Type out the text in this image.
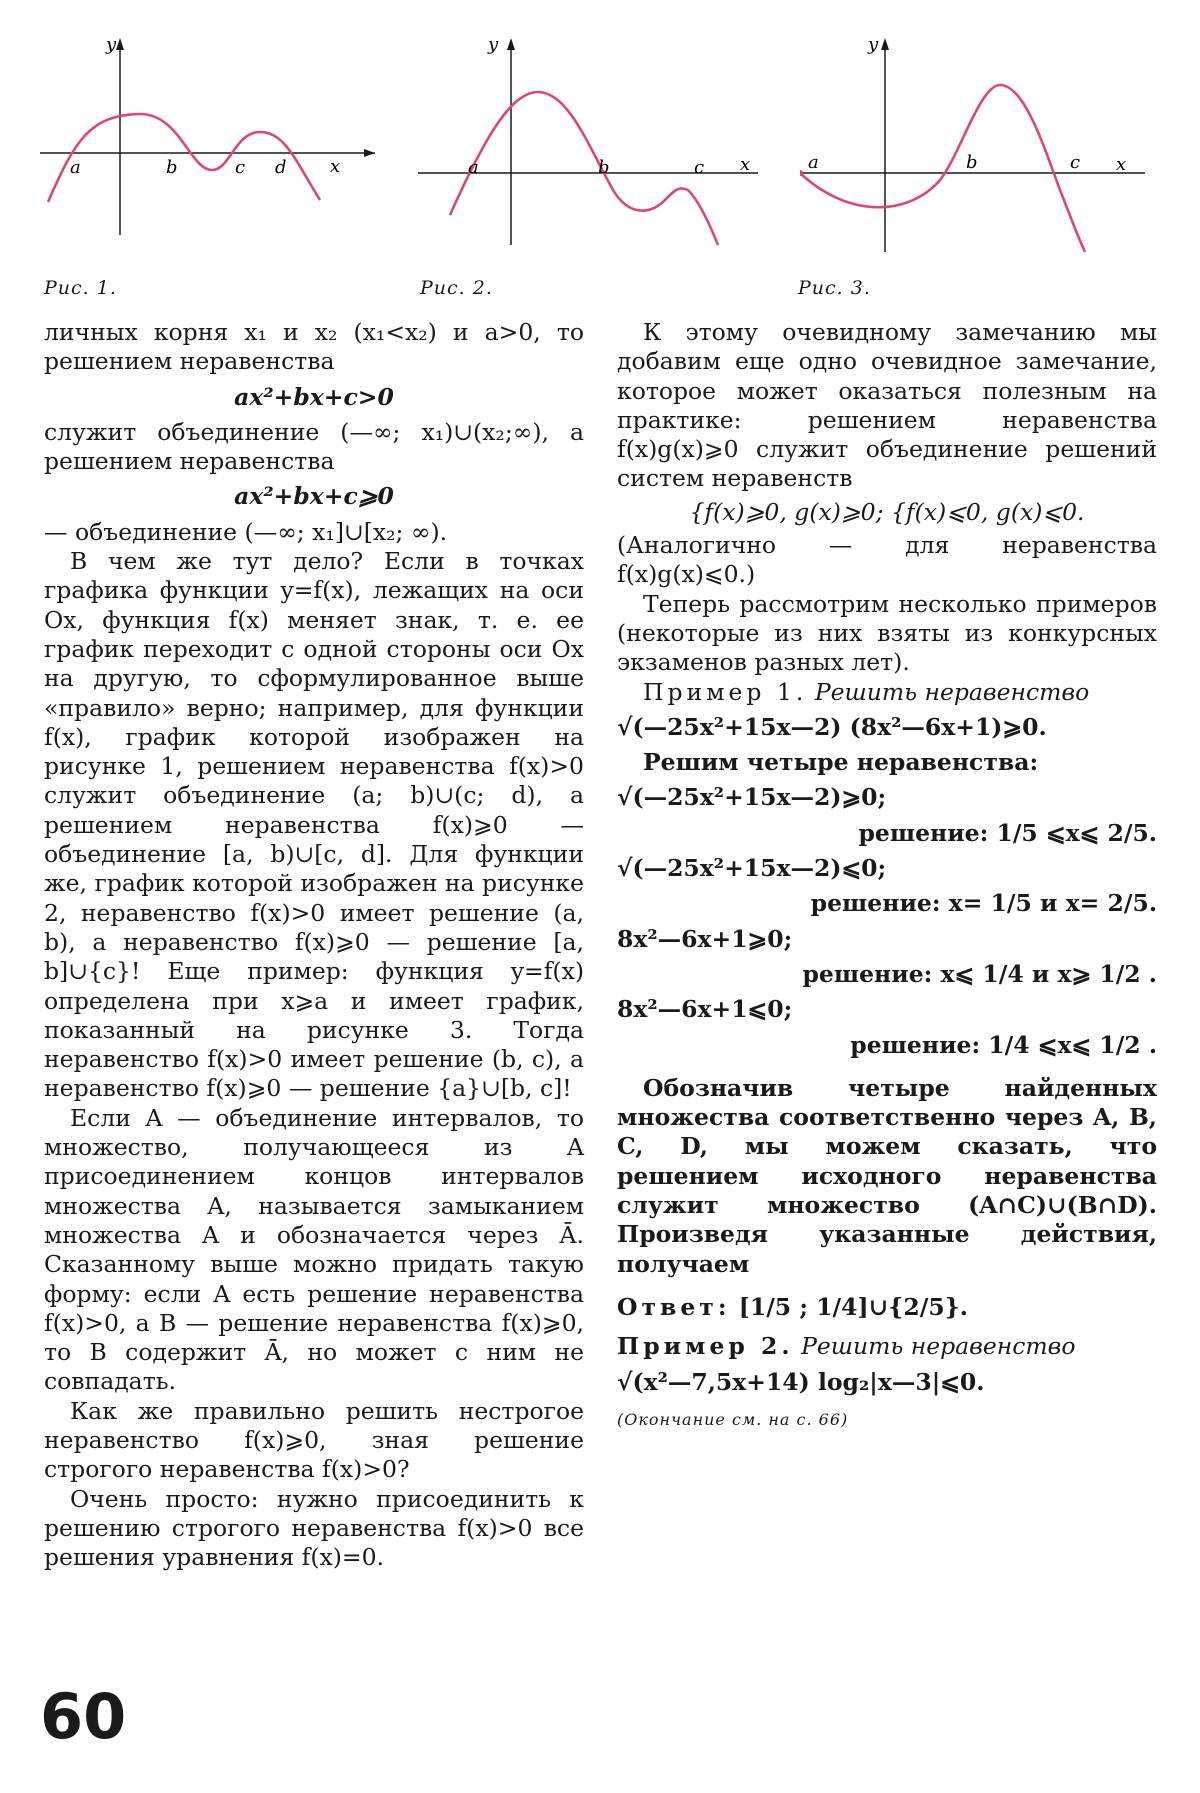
y
x
a	b	c d
y
x
a	b	c
y
x
a	b	c
Рис. 1.	Рис. 2.	Рис. 3.

личных корня x₁ и x₂ (x₁<x₂) и a>0, то решением неравенства

ax²+bx+c>0

служит объединение (—∞; x₁)∪(x₂;∞), а решением неравенства

ax²+bx+c⩾0

— объединение (—∞; x₁]∪[x₂; ∞).

В чем же тут дело? Если в точках графика функции y=f(x), лежащих на оси Ox, функция f(x) меняет знак, т. е. ее график переходит с одной стороны оси Ox на другую, то сформулированное выше «правило» верно; например, для функции f(x), график которой изображен на рисунке 1, решением неравенства f(x)>0 служит объединение (a; b)∪(c; d), а решением неравенства f(x)⩾0 — объединение [a, b)∪[c, d]. Для функции же, график которой изображен на рисунке 2, неравенство f(x)>0 имеет решение (a, b), а неравенство f(x)⩾0 — решение [a, b]∪{c}! Еще пример: функция y=f(x) определена при x⩾a и имеет график, показанный на рисунке 3. Тогда неравенство f(x)>0 имеет решение (b, c), а неравенство f(x)⩾0 — решение {a}∪[b, c]!

Если A — объединение интервалов, то множество, получающееся из A присоединением концов интервалов множества A, называется замыканием множества A и обозначается через Ā. Сказанному выше можно придать такую форму: если A есть решение неравенства f(x)>0, а B — решение неравенства f(x)⩾0, то B содержит Ā, но может с ним не совпадать.

Как же правильно решить нестрогое неравенство f(x)⩾0, зная решение строгого неравенства f(x)>0?

Очень просто: нужно присоединить к решению строгого неравенства f(x)>0 все решения уравнения f(x)=0.

К этому очевидному замечанию мы добавим еще одно очевидное замечание, которое может оказаться полезным на практике: решением неравенства f(x)g(x)⩾0 служит объединение решений систем неравенств

{f(x)⩾0, g(x)⩾0; {f(x)⩽0, g(x)⩽0.

(Аналогично — для неравенства f(x)g(x)⩽0.)

Теперь рассмотрим несколько примеров (некоторые из них взяты из конкурсных экзаменов разных лет).

Пример 1. Решить неравенство

√(—25x²+15x—2) (8x²—6x+1)⩾0.

Решим четыре неравенства:

√(—25x²+15x—2)⩾0;

решение: 1/5 ⩽x⩽ 2/5.

√(—25x²+15x—2)⩽0;

решение: x= 1/5 и x= 2/5.

8x²—6x+1⩾0;

решение: x⩽ 1/4 и x⩾ 1/2 .

8x²—6x+1⩽0;

решение: 1/4 ⩽x⩽ 1/2 .

Обозначив четыре найденных множества соответственно через A, B, C, D, мы можем сказать, что решением исходного неравенства служит множество (A∩C)∪(B∩D). Произведя указанные действия, получаем

Ответ: [1/5 ; 1/4]∪{2/5}.

Пример 2. Решить неравенство

√(x²—7,5x+14) log₂|x—3|⩽0.

(Окончание см. на с. 66)

60
